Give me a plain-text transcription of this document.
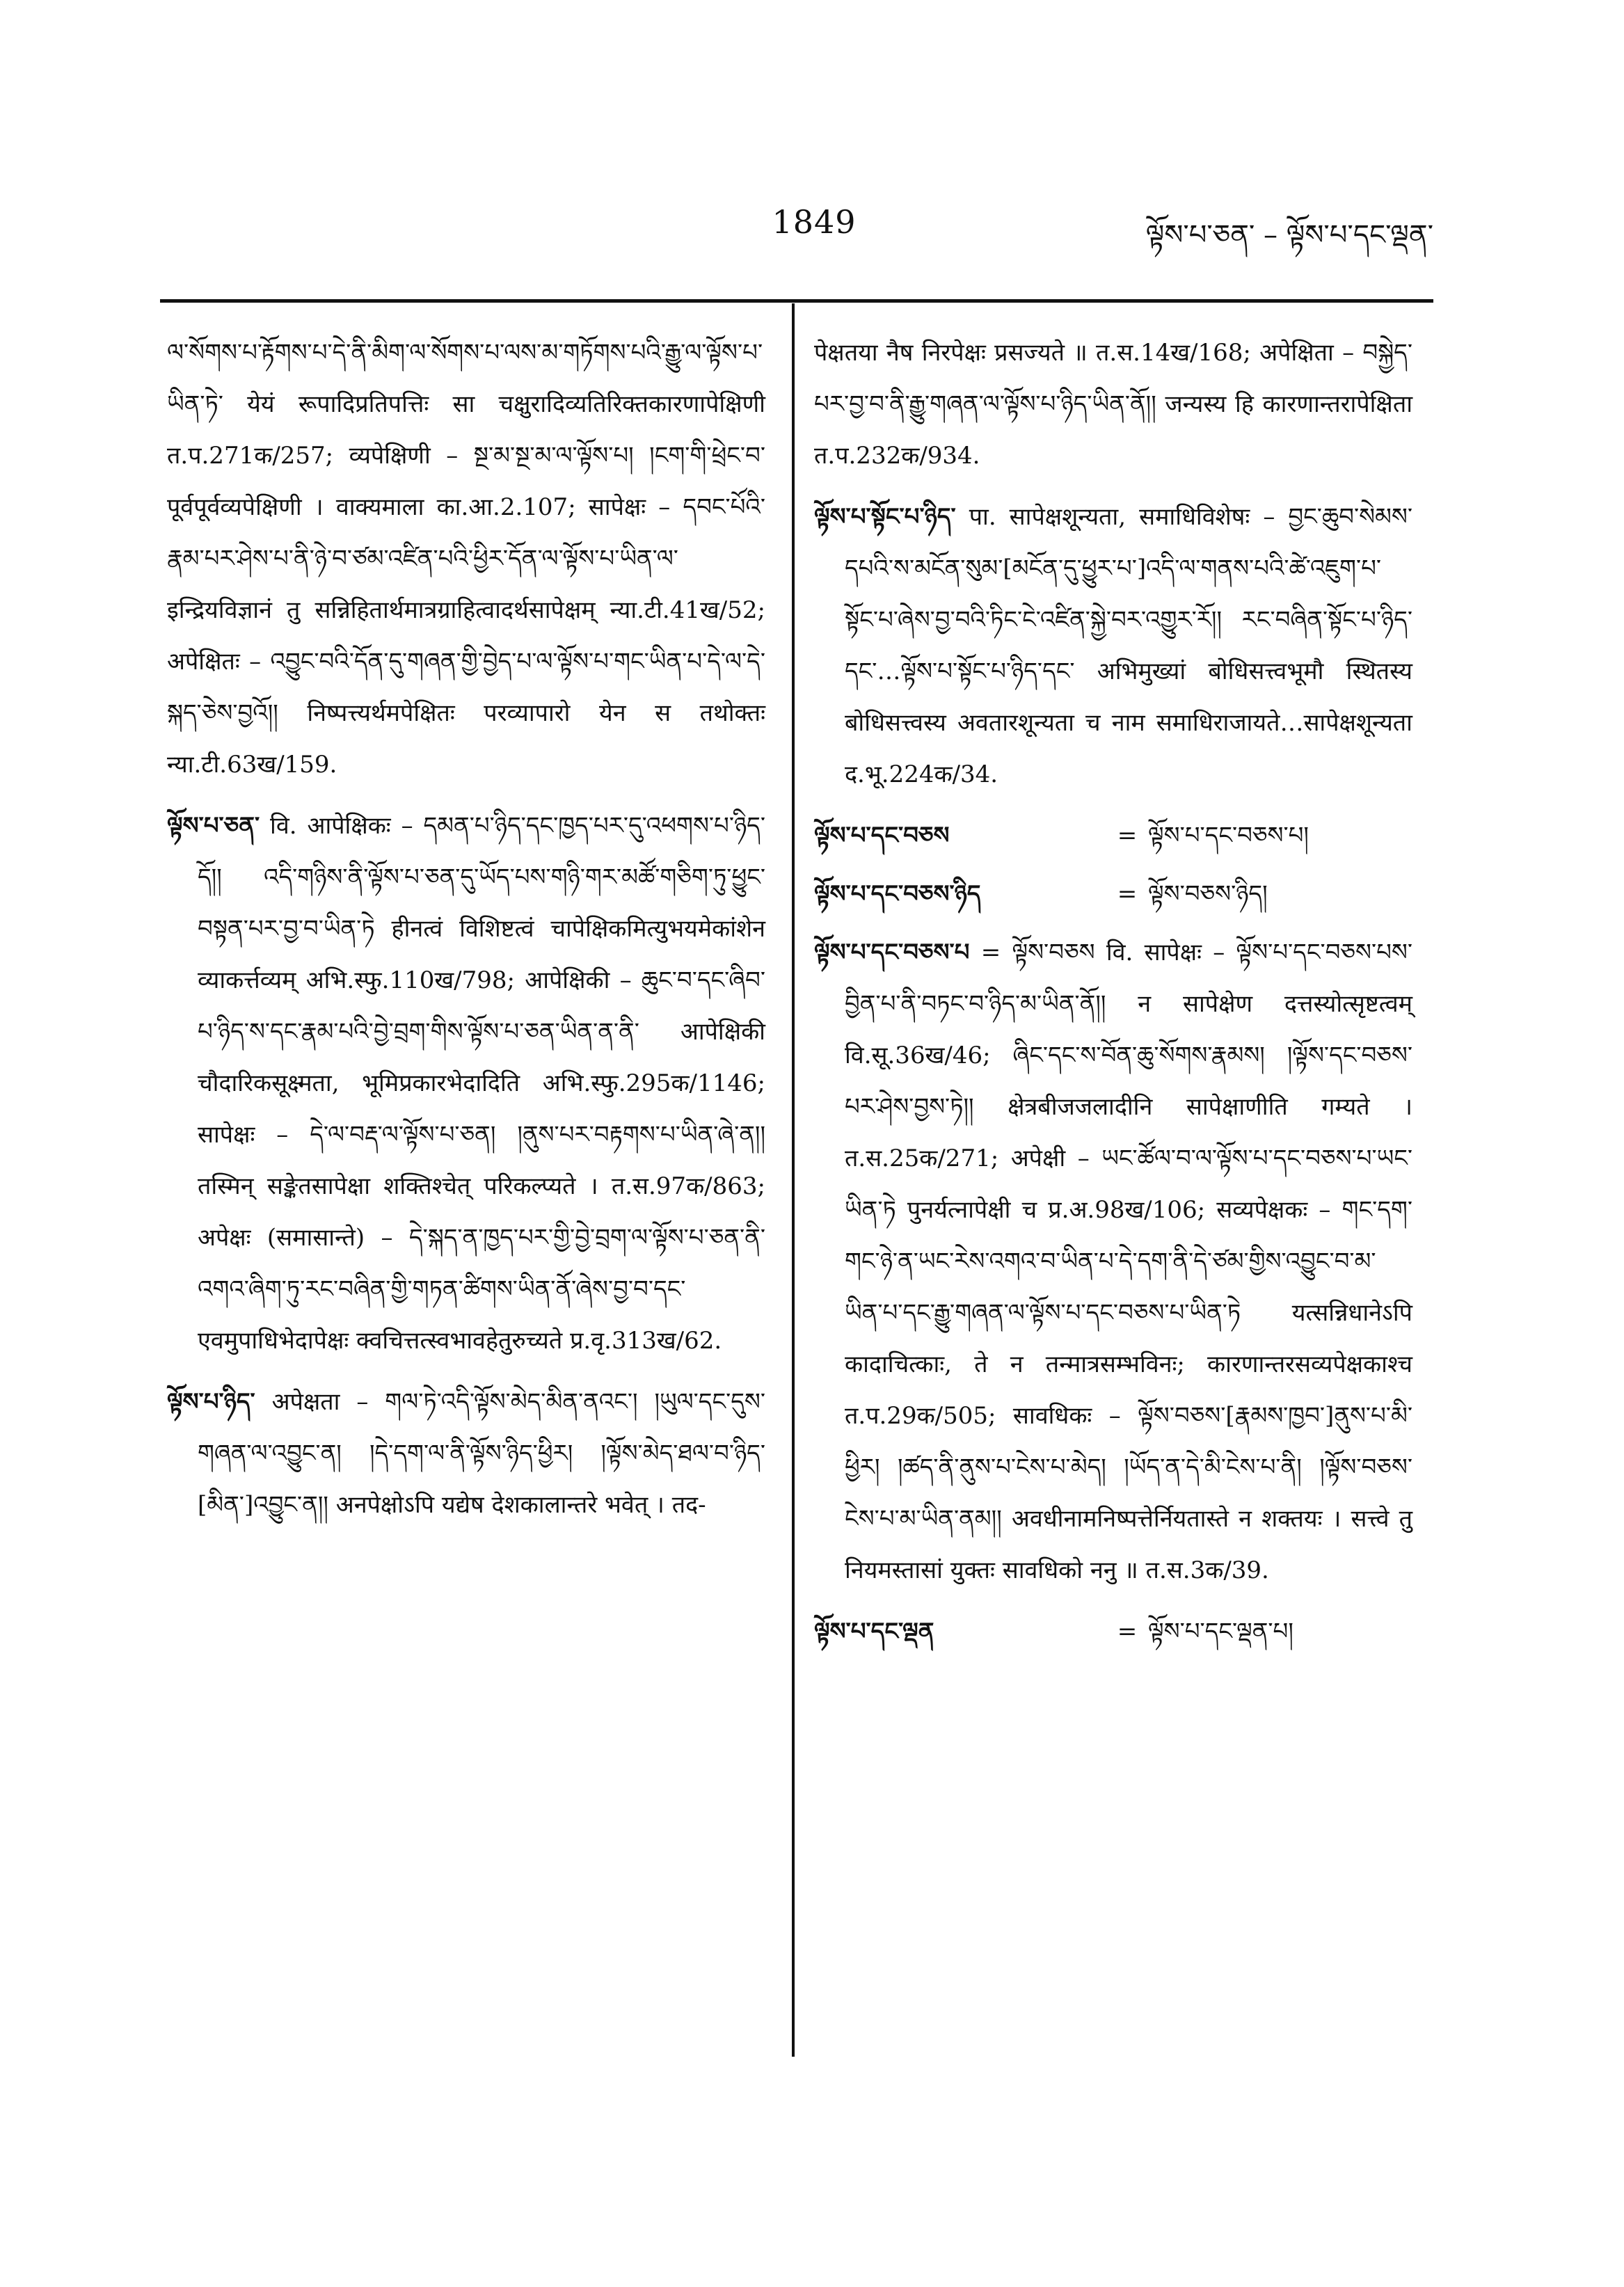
1849	ལྟོས་པ་ཅན་ – ལྟོས་པ་དང་ལྡན་
ལ་སོགས་པ་རྟོགས་པ་དེ་ནི་མིག་ལ་སོགས་པ་ལས་མ་གཏོགས་པའི་རྒྱུ་ལ་ལྟོས་པ་ཡིན་ཏེ་ येयं रूपादिप्रतिपत्तिः सा चक्षुरादिव्यतिरिक्तकारणापेक्षिणी त.प.271क/257; व्यपेक्षिणी – སྔ་མ་སྔ་མ་ལ་ལྟོས་པ། །ངག་གི་ཕྲེང་བ་ पूर्वपूर्वव्यपेक्षिणी । वाक्यमाला का.आ.2.107; सापेक्षः – དབང་པོའི་རྣམ་པར་ཤེས་པ་ནི་ཉེ་བ་ཙམ་འཛིན་པའི་ཕྱིར་དོན་ལ་ལྟོས་པ་ཡིན་ལ་ इन्द्रियविज्ञानं तु सन्निहितार्थमात्रग्राहित्वादर्थसापेक्षम् न्या.टी.41ख/52; अपेक्षितः – འབྱུང་བའི་དོན་དུ་གཞན་གྱི་བྱེད་པ་ལ་ལྟོས་པ་གང་ཡིན་པ་དེ་ལ་དེ་སྐད་ཅེས་བྱའོ།། निष्पत्त्यर्थमपेक्षितः परव्यापारो येन स तथोक्तः न्या.टी.63ख/159.
ལྟོས་པ་ཅན་ वि. आपेक्षिकः – དམན་པ་ཉིད་དང་ཁྱད་པར་དུ་འཕགས་པ་ཉིད་དོ།། འདི་གཉིས་ནི་ལྟོས་པ་ཅན་དུ་ཡོད་པས་གཉི་གར་མཚོ་གཅིག་ཏུ་ཕྱུང་བསྟན་པར་བྱ་བ་ཡིན་ཏེ हीनत्वं विशिष्टत्वं चापेक्षिकमित्युभयमेकांशेन व्याकर्त्तव्यम् अभि.स्फु.110ख/798; आपेक्षिकी – ཆུང་བ་དང་ཞིབ་པ་ཉིད་ས་དང་རྣམ་པའི་བྱེ་བྲག་གིས་ལྟོས་པ་ཅན་ཡིན་ན་ནི་ आपेक्षिकी चौदारिकसूक्ष्मता, भूमिप्रकारभेदादिति अभि.स्फु.295क/1146; सापेक्षः – དེ་ལ་བརྡ་ལ་ལྟོས་པ་ཅན། །ནུས་པར་བརྟགས་པ་ཡིན་ཞེ་ན།། तस्मिन् सङ्केतसापेक्षा शक्तिश्चेत् परिकल्प्यते । त.स.97क/863; अपेक्षः (समासान्ते) – དེ་སྐད་ན་ཁྱད་པར་གྱི་བྱེ་བྲག་ལ་ལྟོས་པ་ཅན་ནི་འགའ་ཞིག་ཏུ་རང་བཞིན་གྱི་གཏན་ཚིགས་ཡིན་ནོ་ཞེས་བྱ་བ་དང་ एवमुपाधिभेदापेक्षः क्वचित्तत्स्वभावहेतुरुच्यते प्र.वृ.313ख/62.
ལྟོས་པ་ཉིད་ अपेक्षता – གལ་ཏེ་འདི་ལྟོས་མེད་མིན་ནའང་། །ཡུལ་དང་དུས་གཞན་ལ་འབྱུང་ན། །དེ་དག་ལ་ནི་ལྟོས་ཉིད་ཕྱིར། །ལྟོས་མེད་ཐལ་བ་ཉིད་[མིན་]འབྱུང་ན།། अनपेक्षोऽपि यद्येष देशकालान्तरे भवेत् । तद-
पेक्षतया नैष निरपेक्षः प्रसज्यते ॥ त.स.14ख/168; अपेक्षिता – བསྐྱེད་པར་བྱ་བ་ནི་རྒྱུ་གཞན་ལ་ལྟོས་པ་ཉིད་ཡིན་ནོ།། जन्यस्य हि कारणान्तरापेक्षिता त.प.232क/934.
ལྟོས་པ་སྟོང་པ་ཉིད་ पा. सापेक्षशून्यता, समाधिविशेषः – བྱང་ཆུབ་སེམས་དཔའི་ས་མངོན་སུམ་[མངོན་དུ་ཕྱུར་པ་]འདི་ལ་གནས་པའི་ཚེ་འཇུག་པ་སྟོང་པ་ཞེས་བྱ་བའི་ཏིང་ངེ་འཛིན་སྐྱེ་བར་འགྱུར་རོ།། རང་བཞིན་སྟོང་པ་ཉིད་དང་…ལྟོས་པ་སྟོང་པ་ཉིད་དང་ अभिमुख्यां बोधिसत्त्वभूमौ स्थितस्य बोधिसत्त्वस्य अवतारशून्यता च नाम समाधिराजायते…सापेक्षशून्यता द.भू.224क/34.
ལྟོས་པ་དང་བཅས	= ལྟོས་པ་དང་བཅས་པ།
ལྟོས་པ་དང་བཅས་ཉིད	= ལྟོས་བཅས་ཉིད།
ལྟོས་པ་དང་བཅས་པ = ལྟོས་བཅས वि. सापेक्षः – ལྟོས་པ་དང་བཅས་པས་བྱིན་པ་ནི་བཏང་བ་ཉིད་མ་ཡིན་ནོ།། न सापेक्षेण दत्तस्योत्सृष्टत्वम् वि.सू.36ख/46; ཞིང་དང་ས་བོན་ཆུ་སོགས་རྣམས། །ལྟོས་དང་བཅས་པར་ཤེས་བྱས་ཏེ།། क्षेत्रबीजजलादीनि सापेक्षाणीति गम्यते । त.स.25क/271; अपेक्षी – ཡང་ཚོལ་བ་ལ་ལྟོས་པ་དང་བཅས་པ་ཡང་ཡིན་ཏེ पुनर्यत्नापेक्षी च प्र.अ.98ख/106; सव्यपेक्षकः – གང་དག་གང་ཉེ་ན་ཡང་རེས་འགའ་བ་ཡིན་པ་དེ་དག་ནི་དེ་ཙམ་གྱིས་འབྱུང་བ་མ་ཡིན་པ་དང་རྒྱུ་གཞན་ལ་ལྟོས་པ་དང་བཅས་པ་ཡིན་ཏེ यत्सन्निधानेऽपि कादाचित्काः, ते न तन्मात्रसम्भविनः; कारणान्तरसव्यपेक्षकाश्च त.प.29क/505; सावधिकः – ལྟོས་བཅས་[རྣམས་ཁྱབ་]ནུས་པ་མི་ཕྱིར། །ཚད་ནི་ནུས་པ་ངེས་པ་མེད། །ཡོད་ན་དེ་མི་ངེས་པ་ནི། །ལྟོས་བཅས་ངེས་པ་མ་ཡིན་ནམ།། अवधीनामनिष्पत्तेर्नियतास्ते न शक्तयः । सत्त्वे तु नियमस्तासां युक्तः सावधिको ननु ॥ त.स.3क/39.
ལྟོས་པ་དང་ལྡན	= ལྟོས་པ་དང་ལྡན་པ།
